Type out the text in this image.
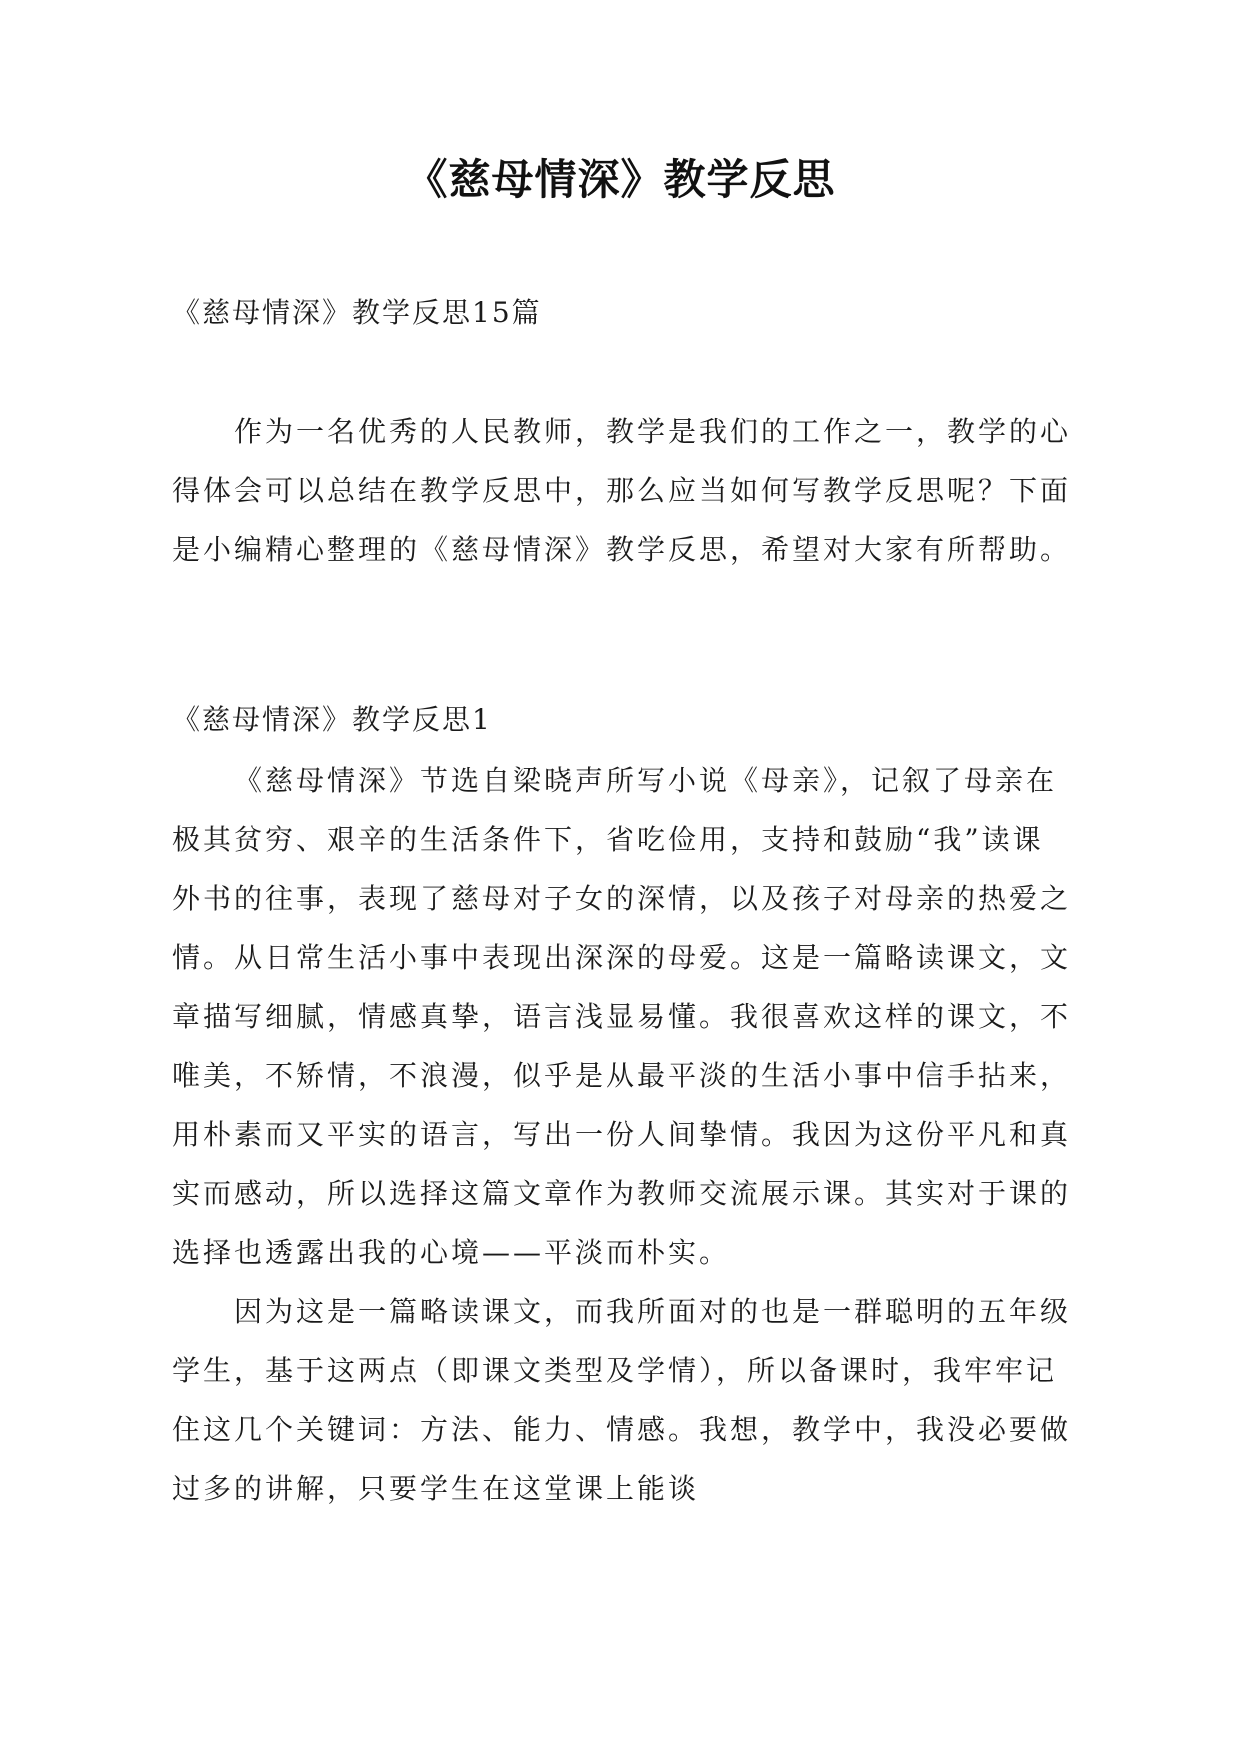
《慈母情深》教学反思
《慈母情深》教学反思15篇

作为一名优秀的人民教师，教学是我们的工作之一，教学的心得体会可以总结在教学反思中，那么应当如何写教学反思呢？下面是小编精心整理的《慈母情深》教学反思，希望对大家有所帮助。

《慈母情深》教学反思1

《慈母情深》节选自梁晓声所写小说《母亲》，记叙了母亲在极其贫穷、艰辛的生活条件下，省吃俭用，支持和鼓励“我”读课外书的往事，表现了慈母对子女的深情，以及孩子对母亲的热爱之情。从日常生活小事中表现出深深的母爱。这是一篇略读课文，文章描写细腻，情感真挚，语言浅显易懂。我很喜欢这样的课文，不唯美，不矫情，不浪漫，似乎是从最平淡的生活小事中信手拈来，用朴素而又平实的语言，写出一份人间挚情。我因为这份平凡和真实而感动，所以选择这篇文章作为教师交流展示课。其实对于课的选择也透露出我的心境——平淡而朴实。

因为这是一篇略读课文，而我所面对的也是一群聪明的五年级学生，基于这两点（即课文类型及学情），所以备课时，我牢牢记住这几个关键词：方法、能力、情感。我想，教学中，我没必要做过多的讲解，只要学生在这堂课上能谈
